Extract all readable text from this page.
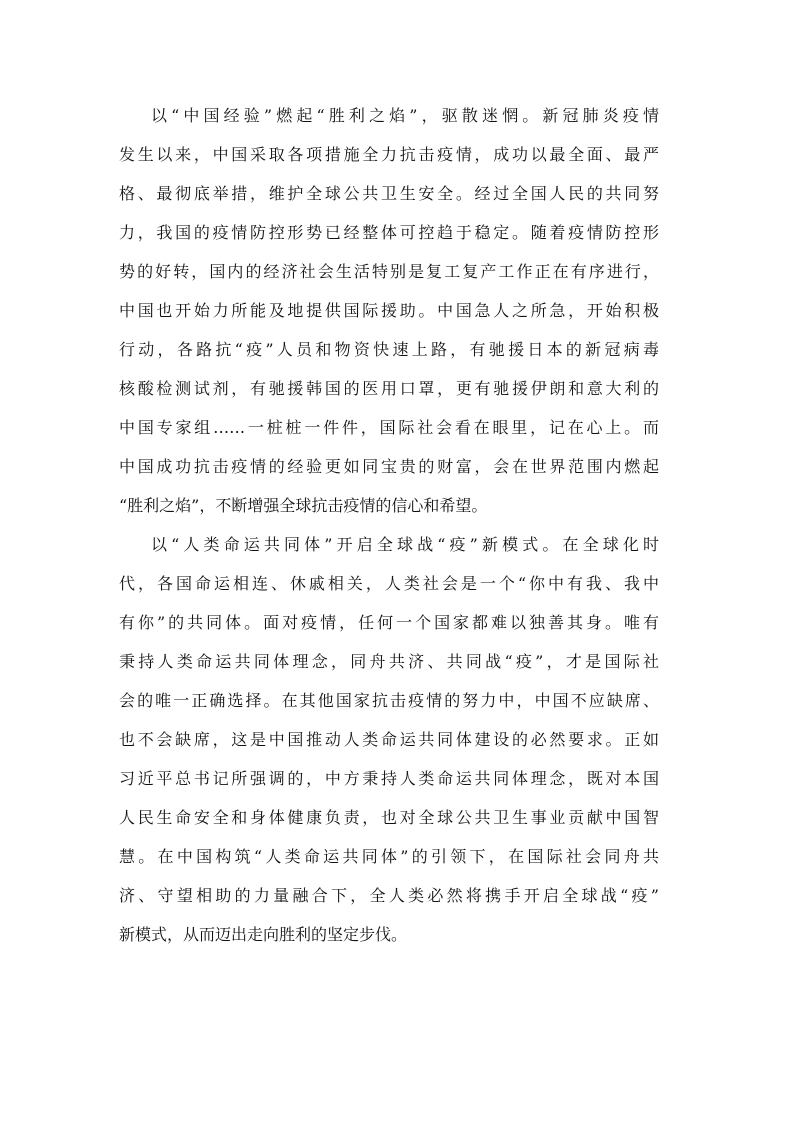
以“中国经验”燃起“胜利之焰”，驱散迷惘。新冠肺炎疫情
发生以来，中国采取各项措施全力抗击疫情，成功以最全面、最严
格、最彻底举措，维护全球公共卫生安全。经过全国人民的共同努
力，我国的疫情防控形势已经整体可控趋于稳定。随着疫情防控形
势的好转，国内的经济社会生活特别是复工复产工作正在有序进行，
中国也开始力所能及地提供国际援助。中国急人之所急，开始积极
行动，各路抗“疫”人员和物资快速上路，有驰援日本的新冠病毒
核酸检测试剂，有驰援韩国的医用口罩，更有驰援伊朗和意大利的
中国专家组……一桩桩一件件，国际社会看在眼里，记在心上。而
中国成功抗击疫情的经验更如同宝贵的财富，会在世界范围内燃起
“胜利之焰”，不断增强全球抗击疫情的信心和希望。
以“人类命运共同体”开启全球战“疫”新模式。在全球化时
代，各国命运相连、休戚相关，人类社会是一个“你中有我、我中
有你”的共同体。面对疫情，任何一个国家都难以独善其身。唯有
秉持人类命运共同体理念，同舟共济、共同战“疫”，才是国际社
会的唯一正确选择。在其他国家抗击疫情的努力中，中国不应缺席、
也不会缺席，这是中国推动人类命运共同体建设的必然要求。正如
习近平总书记所强调的，中方秉持人类命运共同体理念，既对本国
人民生命安全和身体健康负责，也对全球公共卫生事业贡献中国智
慧。在中国构筑“人类命运共同体”的引领下，在国际社会同舟共
济、守望相助的力量融合下，全人类必然将携手开启全球战“疫”
新模式，从而迈出走向胜利的坚定步伐。
